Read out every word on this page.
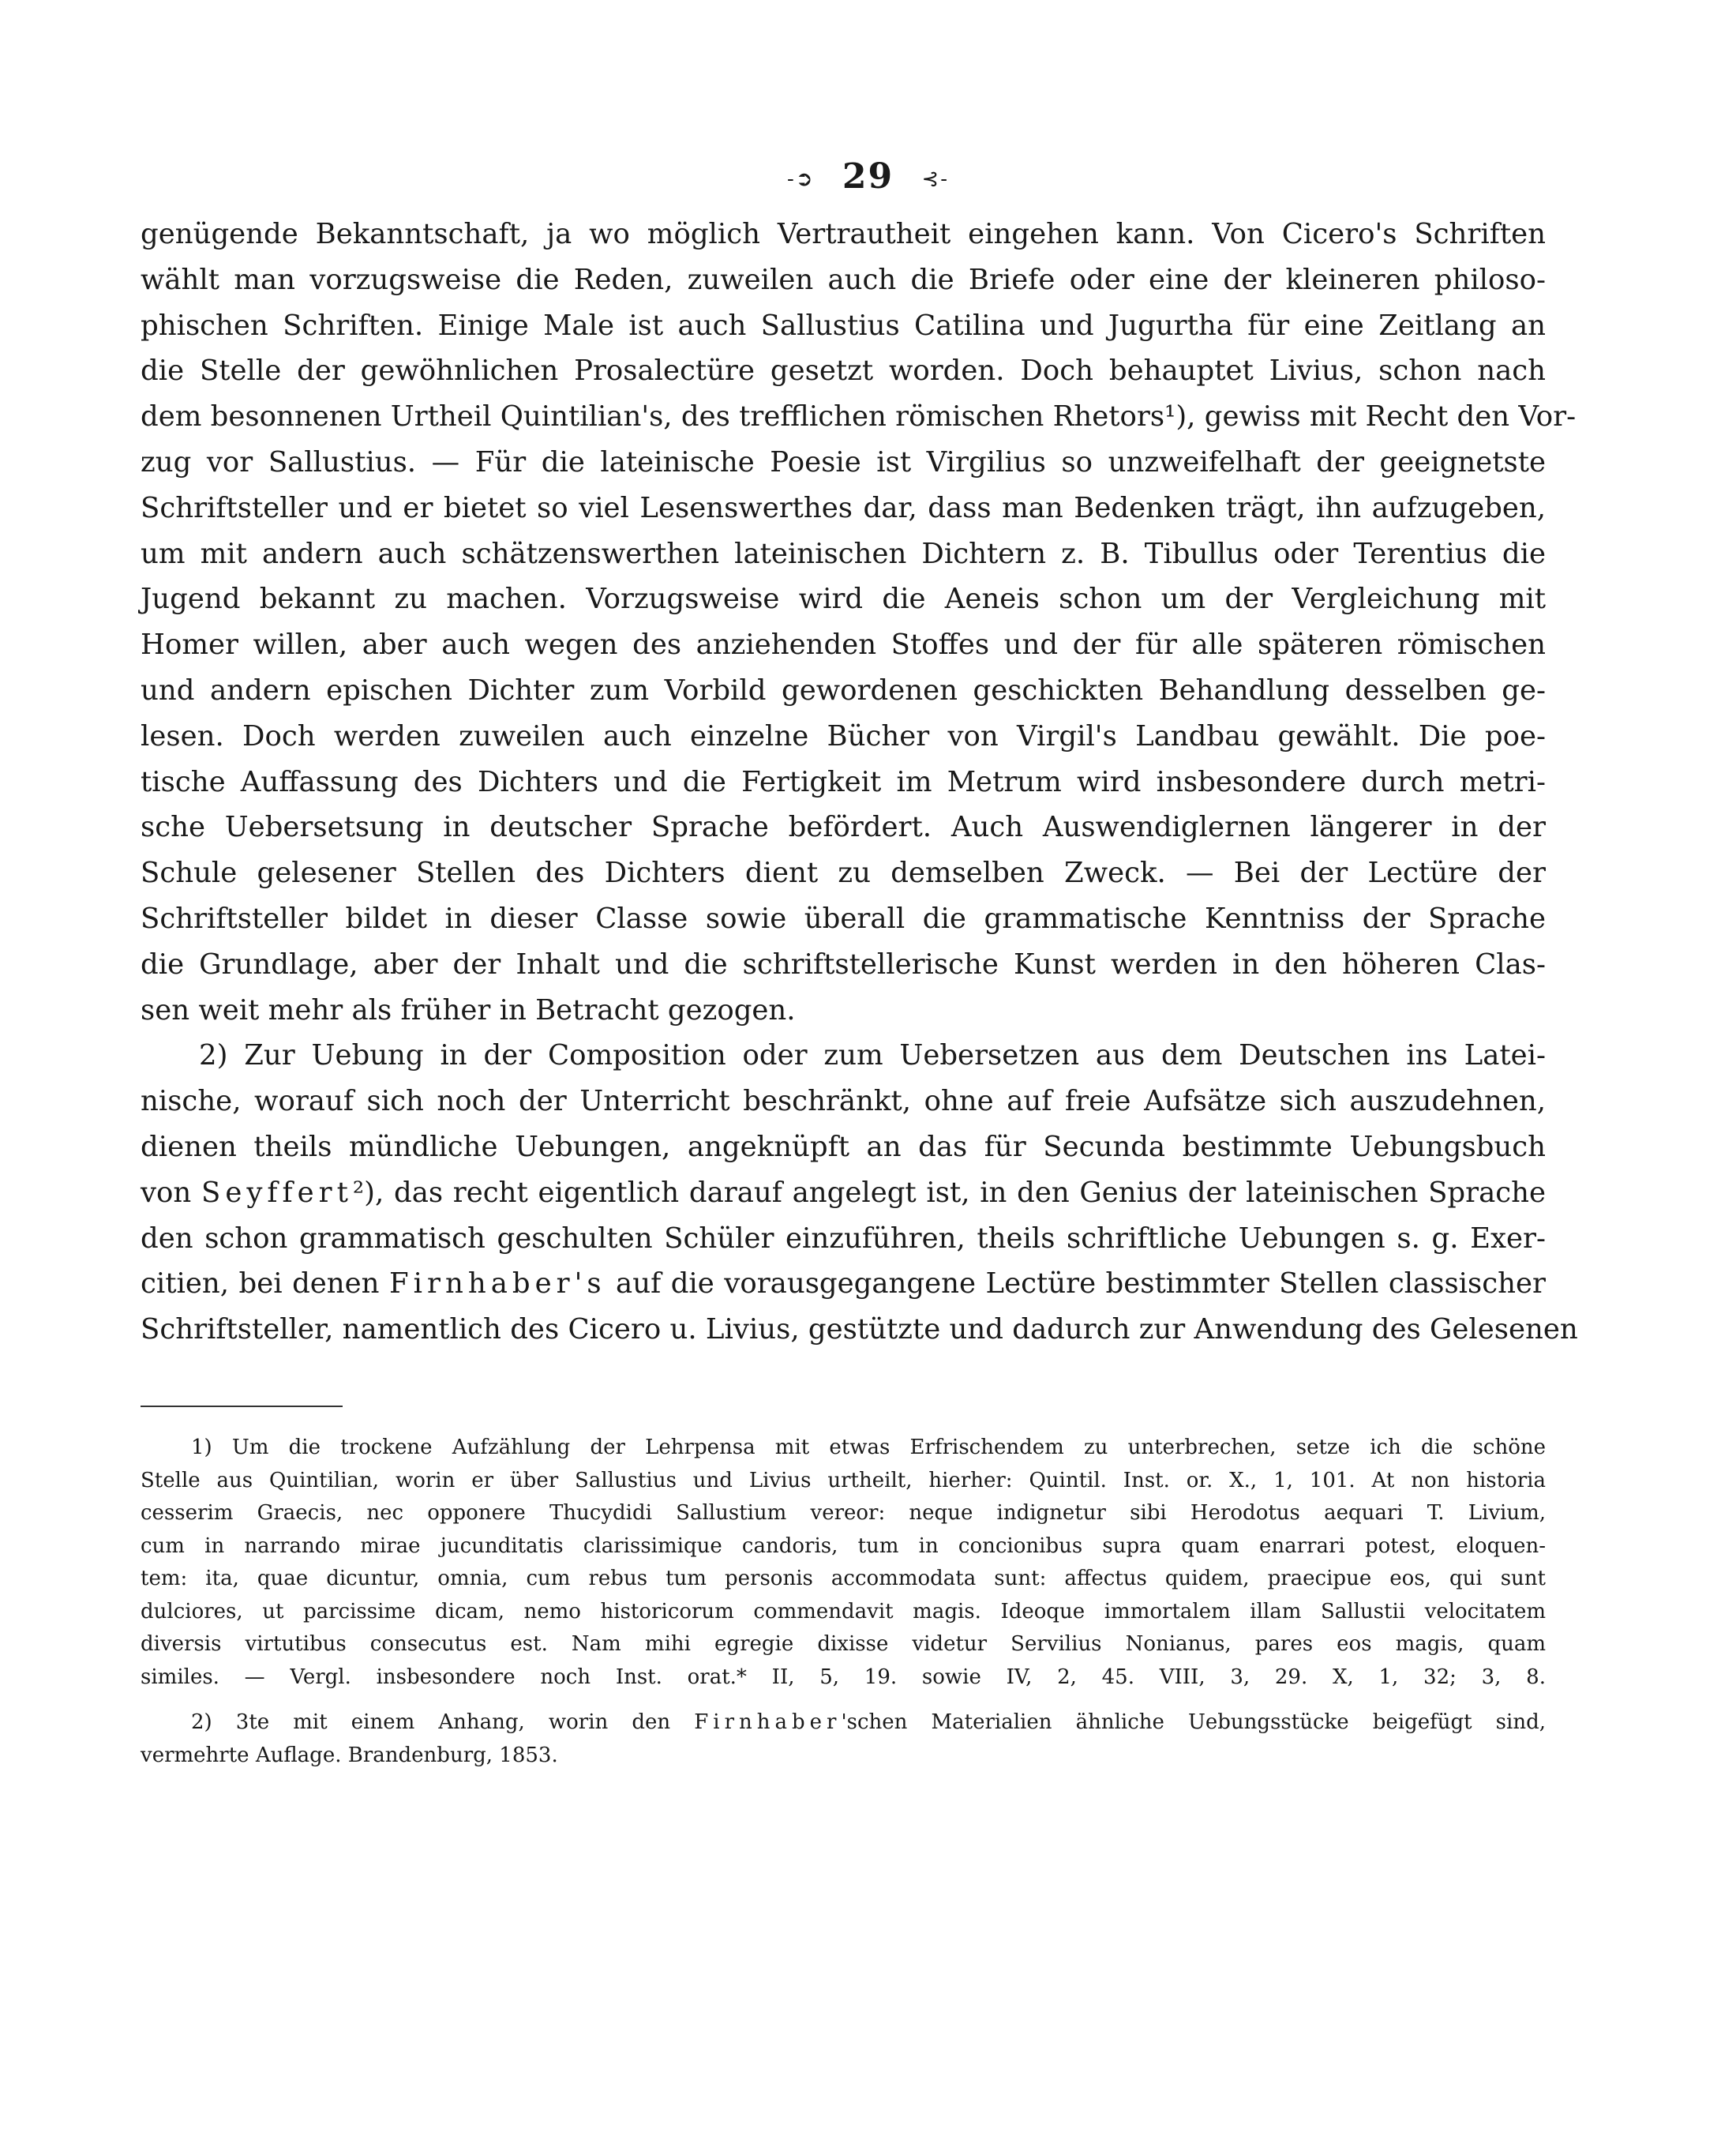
-➲ 29 ⊰-
genügende Bekanntschaft, ja wo möglich Vertrautheit eingehen kann. Von Cicero's Schriften
wählt man vorzugsweise die Reden, zuweilen auch die Briefe oder eine der kleineren philoso-
phischen Schriften. Einige Male ist auch Sallustius Catilina und Jugurtha für eine Zeitlang an
die Stelle der gewöhnlichen Prosalectüre gesetzt worden. Doch behauptet Livius, schon nach
dem besonnenen Urtheil Quintilian's, des trefflichen römischen Rhetors¹), gewiss mit Recht den Vor-
zug vor Sallustius. — Für die lateinische Poesie ist Virgilius so unzweifelhaft der geeignetste
Schriftsteller und er bietet so viel Lesenswerthes dar, dass man Bedenken trägt, ihn aufzugeben,
um mit andern auch schätzenswerthen lateinischen Dichtern z. B. Tibullus oder Terentius die
Jugend bekannt zu machen. Vorzugsweise wird die Aeneis schon um der Vergleichung mit
Homer willen, aber auch wegen des anziehenden Stoffes und der für alle späteren römischen
und andern epischen Dichter zum Vorbild gewordenen geschickten Behandlung desselben ge-
lesen. Doch werden zuweilen auch einzelne Bücher von Virgil's Landbau gewählt. Die poe-
tische Auffassung des Dichters und die Fertigkeit im Metrum wird insbesondere durch metri-
sche Uebersetsung in deutscher Sprache befördert. Auch Auswendiglernen längerer in der
Schule gelesener Stellen des Dichters dient zu demselben Zweck. — Bei der Lectüre der
Schriftsteller bildet in dieser Classe sowie überall die grammatische Kenntniss der Sprache
die Grundlage, aber der Inhalt und die schriftstellerische Kunst werden in den höheren Clas-
sen weit mehr als früher in Betracht gezogen.
2) Zur Uebung in der Composition oder zum Uebersetzen aus dem Deutschen ins Latei-
nische, worauf sich noch der Unterricht beschränkt, ohne auf freie Aufsätze sich auszudehnen,
dienen theils mündliche Uebungen, angeknüpft an das für Secunda bestimmte Uebungsbuch
von Seyffert²), das recht eigentlich darauf angelegt ist, in den Genius der lateinischen Sprache
den schon grammatisch geschulten Schüler einzuführen, theils schriftliche Uebungen s. g. Exer-
citien, bei denen Firnhaber's auf die vorausgegangene Lectüre bestimmter Stellen classischer
Schriftsteller, namentlich des Cicero u. Livius, gestützte und dadurch zur Anwendung des Gelesenen
1) Um die trockene Aufzählung der Lehrpensa mit etwas Erfrischendem zu unterbrechen, setze ich die schöne
Stelle aus Quintilian, worin er über Sallustius und Livius urtheilt, hierher: Quintil. Inst. or. X., 1, 101. At non historia
cesserim Graecis, nec opponere Thucydidi Sallustium vereor: neque indignetur sibi Herodotus aequari T. Livium,
cum in narrando mirae jucunditatis clarissimique candoris, tum in concionibus supra quam enarrari potest, eloquen-
tem: ita, quae dicuntur, omnia, cum rebus tum personis accommodata sunt: affectus quidem, praecipue eos, qui sunt
dulciores, ut parcissime dicam, nemo historicorum commendavit magis. Ideoque immortalem illam Sallustii velocitatem
diversis virtutibus consecutus est. Nam mihi egregie dixisse videtur Servilius Nonianus, pares eos magis, quam
similes. — Vergl. insbesondere noch Inst. orat.* II, 5, 19. sowie IV, 2, 45. VIII, 3, 29. X, 1, 32; 3, 8.
2) 3te mit einem Anhang, worin den Firnhaber'schen Materialien ähnliche Uebungsstücke beigefügt sind,
vermehrte Auflage. Brandenburg, 1853.
